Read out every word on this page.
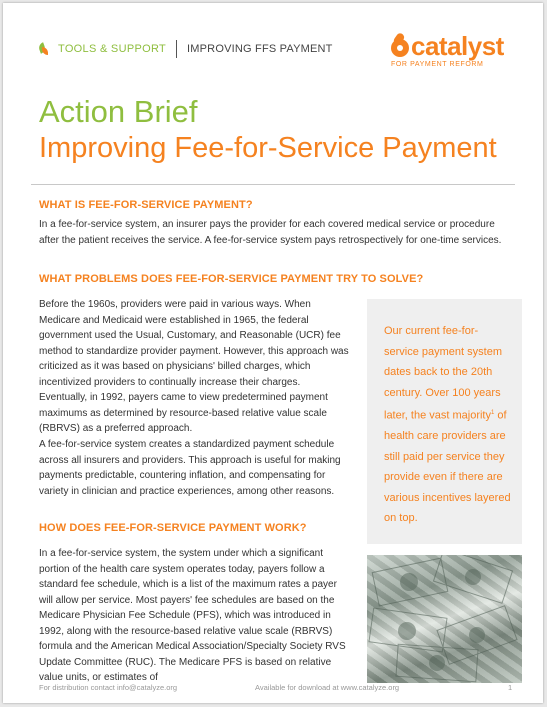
TOOLS & SUPPORT IMPROVING FFS PAYMENT	catalyst
FOR PAYMENT REFORM
Action Brief
Improving Fee-for-Service Payment
WHAT IS FEE-FOR-SERVICE PAYMENT?

In a fee-for-service system, an insurer pays the provider for each covered medical service or procedure after the patient receives the service. A fee-for-service system pays retrospectively for one-time services.

WHAT PROBLEMS DOES FEE-FOR-SERVICE PAYMENT TRY TO SOLVE?

Before the 1960s, providers were paid in various ways. When Medicare and Medicaid were established in 1965, the federal government used the Usual, Customary, and Reasonable (UCR) fee method to standardize provider payment. However, this approach was criticized as it was based on physicians' billed charges, which incentivized providers to continually increase their charges. Eventually, in 1992, payers came to view predetermined payment maximums as determined by resource-based relative value scale (RBRVS) as a preferred approach.

A fee-for-service system creates a standardized payment schedule across all insurers and providers. This approach is useful for making payments predictable, countering inflation, and compensating for variety in clinician and practice experiences, among other reasons.

HOW DOES FEE-FOR-SERVICE PAYMENT WORK?

In a fee-for-service system, the system under which a significant portion of the health care system operates today, payers follow a standard fee schedule, which is a list of the maximum rates a payer will allow per service. Most payers' fee schedules are based on the Medicare Physician Fee Schedule (PFS), which was introduced in 1992, along with the resource-based relative value scale (RBRVS) formula and the American Medical Association/Specialty Society RVS Update Committee (RUC). The Medicare PFS is based on relative value units, or estimates of

Our current fee-for-service payment system dates back to the 20th century. Over 100 years later, the vast majority$^1$ of health care providers are still paid per service they provide even if there are various incentives layered on top.

For distribution contact info@catalyze.org	Available for download at www.catalyze.org	1
